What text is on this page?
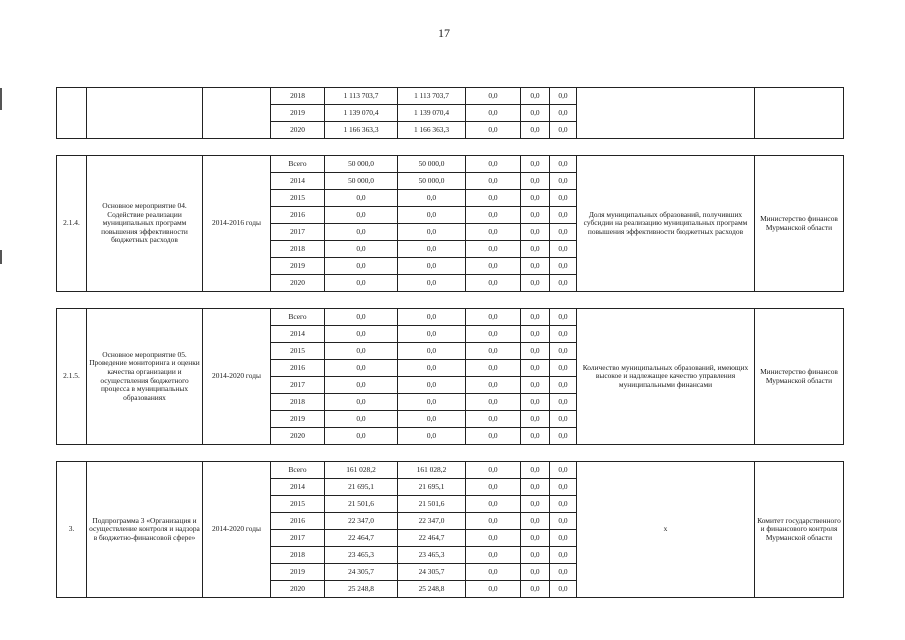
17
			2018	1 113 703,7	1 113 703,7	0,0	0,0	0,0		
			2019	1 139 070,4	1 139 070,4	0,0	0,0	0,0		
			2020	1 166 363,3	1 166 363,3	0,0	0,0	0,0		

2.1.4.	Основное мероприятие 04. Содействие реализации муниципальных программ повышения эффективности бюджетных расходов	2014-2016 годы	Всего	50 000,0	50 000,0	0,0	0,0	0,0	Доля муниципальных образований, получивших субсидии на реализацию муниципальных программ повышения эффективности бюджетных расходов	Министерство финансов Мурманской области
			2014	50 000,0	50 000,0	0,0	0,0	0,0		
			2015	0,0	0,0	0,0	0,0	0,0		
			2016	0,0	0,0	0,0	0,0	0,0		
			2017	0,0	0,0	0,0	0,0	0,0		
			2018	0,0	0,0	0,0	0,0	0,0		
			2019	0,0	0,0	0,0	0,0	0,0		
			2020	0,0	0,0	0,0	0,0	0,0		

2.1.5.	Основное мероприятие 05. Проведение мониторинга и оценки качества организации и осуществления бюджетного процесса в муниципальных образованиях	2014-2020 годы	Всего	0,0	0,0	0,0	0,0	0,0	Количество муниципальных образований, имеющих высокое и надлежащее качество управления муниципальными финансами	Министерство финансов Мурманской области
			2014	0,0	0,0	0,0	0,0	0,0		
			2015	0,0	0,0	0,0	0,0	0,0		
			2016	0,0	0,0	0,0	0,0	0,0		
			2017	0,0	0,0	0,0	0,0	0,0		
			2018	0,0	0,0	0,0	0,0	0,0		
			2019	0,0	0,0	0,0	0,0	0,0		
			2020	0,0	0,0	0,0	0,0	0,0		

3.	Подпрограмма 3 «Организация и осуществление контроля и надзора в бюджетно-финансовой сфере»	2014-2020 годы	Всего	161 028,2	161 028,2	0,0	0,0	0,0	х	Комитет государственного и финансового контроля Мурманской области
			2014	21 695,1	21 695,1	0,0	0,0	0,0		
			2015	21 501,6	21 501,6	0,0	0,0	0,0		
			2016	22 347,0	22 347,0	0,0	0,0	0,0		
			2017	22 464,7	22 464,7	0,0	0,0	0,0		
			2018	23 465,3	23 465,3	0,0	0,0	0,0		
			2019	24 305,7	24 305,7	0,0	0,0	0,0		
			2020	25 248,8	25 248,8	0,0	0,0	0,0		
